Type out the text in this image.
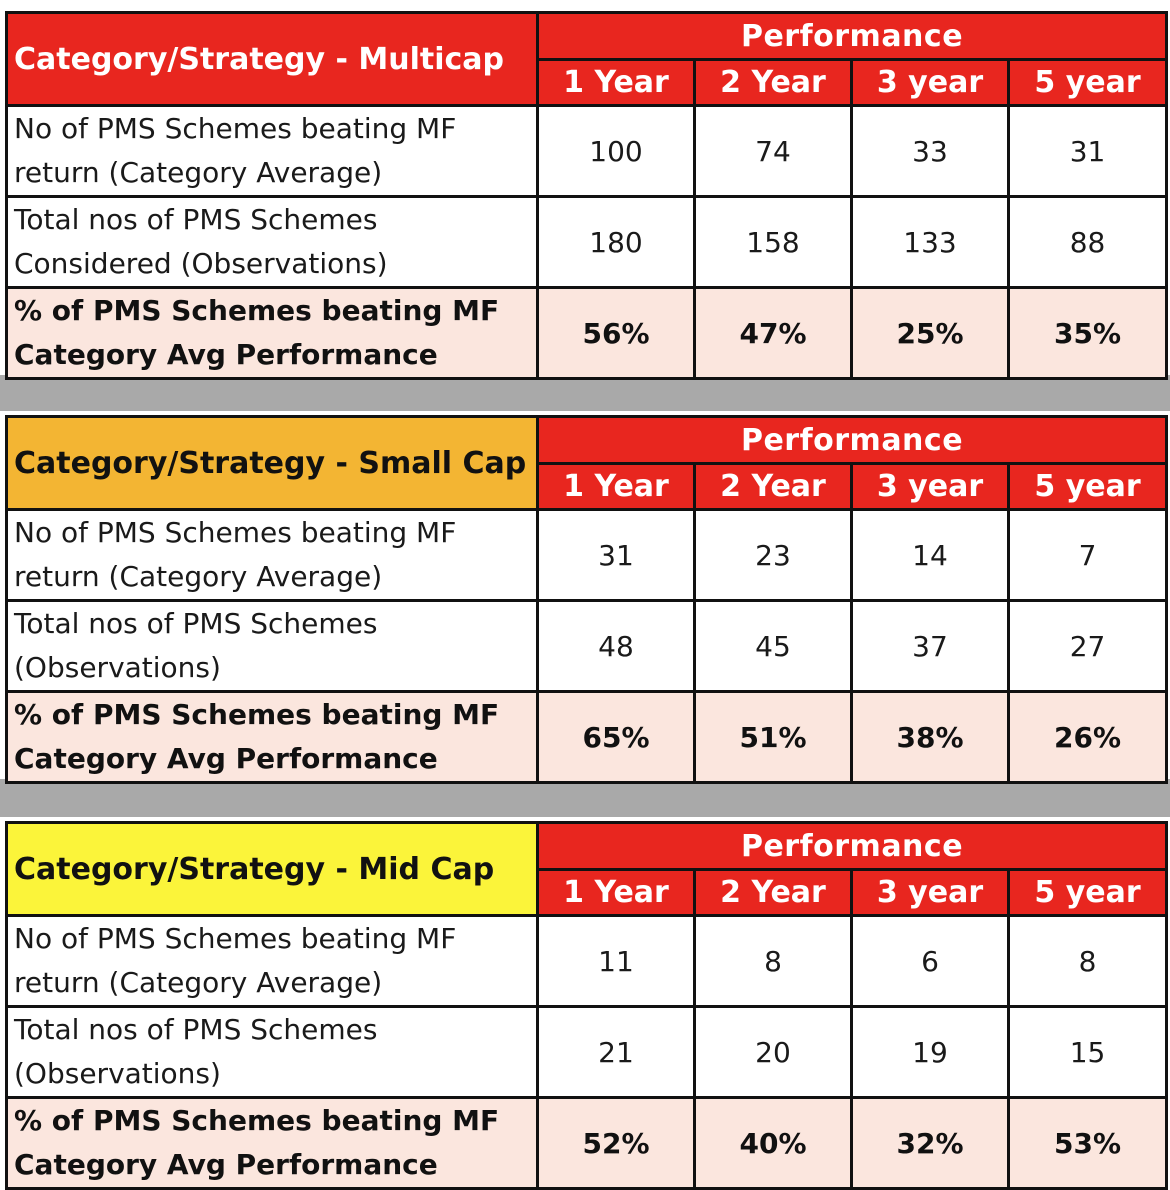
Category/Strategy - Multicap	Performance			
	1 Year	2 Year	3 year	5 year
No of PMS Schemes beating MF return (Category Average)	100	74	33	31
Total nos of PMS Schemes Considered (Observations)	180	158	133	88
% of PMS Schemes beating MF Category Avg Performance	56%	47%	25%	35%
Category/Strategy - Small Cap	Performance			
	1 Year	2 Year	3 year	5 year
No of PMS Schemes beating MF return (Category Average)	31	23	14	7
Total nos of PMS Schemes (Observations)	48	45	37	27
% of PMS Schemes beating MF Category Avg Performance	65%	51%	38%	26%
Category/Strategy - Mid Cap	Performance			
	1 Year	2 Year	3 year	5 year
No of PMS Schemes beating MF return (Category Average)	11	8	6	8
Total nos of PMS Schemes (Observations)	21	20	19	15
% of PMS Schemes beating MF Category Avg Performance	52%	40%	32%	53%
